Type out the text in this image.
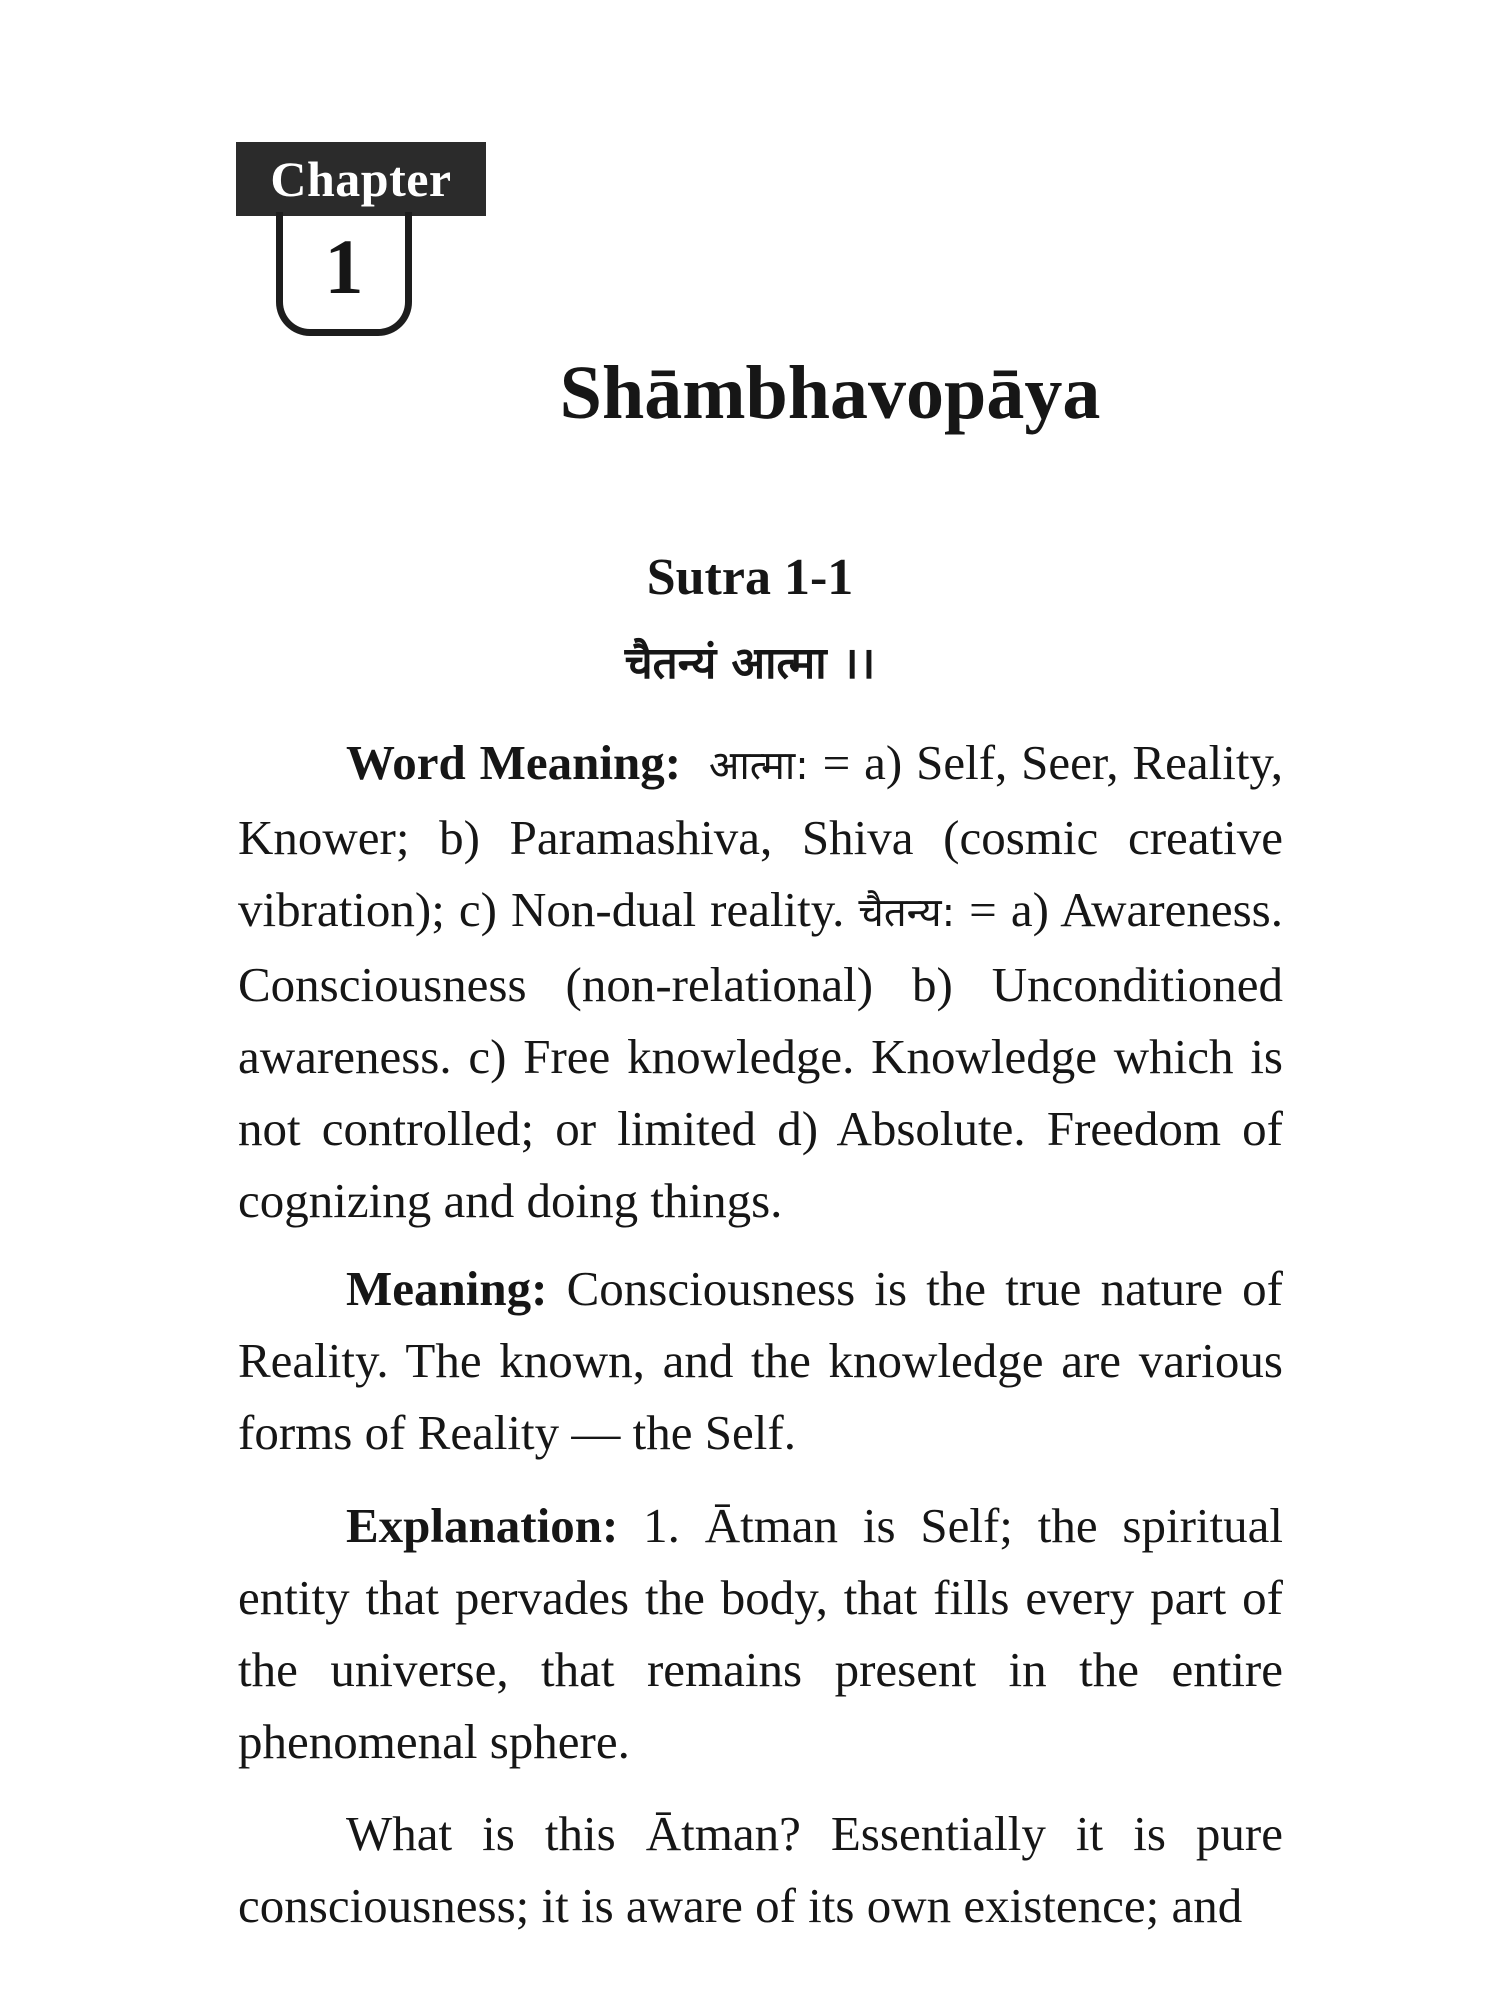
Chapter
1
Shāmbhavopāya
Sutra 1-1
चैतन्यं आत्मा ।।

Word Meaning: आत्मा: = a) Self, Seer, Reality, Knower; b) Paramashiva, Shiva (cosmic creative vibration); c) Non-dual reality. चैतन्य: = a) Awareness. Consciousness (non-relational) b) Unconditioned awareness. c) Free knowledge. Knowledge which is not controlled; or limited d) Absolute. Freedom of cognizing and doing things.

Meaning: Consciousness is the true nature of Reality. The known, and the knowledge are various forms of Reality — the Self.

Explanation: 1. Ātman is Self; the spiritual entity that pervades the body, that fills every part of the universe, that remains present in the entire phenomenal sphere.

What is this Ātman? Essentially it is pure consciousness; it is aware of its own existence; and
